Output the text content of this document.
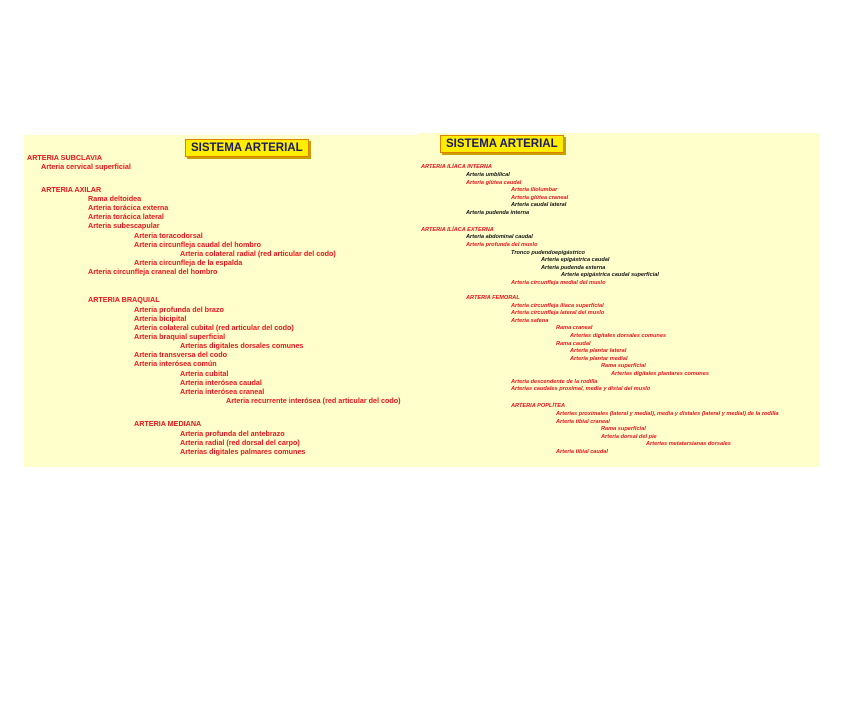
SISTEMA ARTERIAL
ARTERIA SUBCLAVIA
Arteria cervical superficial
ARTERIA AXILAR
Rama deltoidea
Arteria torácica externa
Arteria torácica lateral
Arteria subescapular
Arteria toracodorsal
Arteria circunfleja caudal del hombro
Arteria colateral radial (red articular del codo)
Arteria circunfleja de la espalda
Arteria circunfleja craneal del hombro
ARTERIA BRAQUIAL
Arteria profunda del brazo
Arteria bicipital
Arteria colateral cubital (red articular del codo)
Arteria braquial superficial
Arterias digitales dorsales comunes
Arteria transversa del codo
Arteria interósea común
Arteria cubital
Arteria interósea caudal
Arteria interósea craneal
Arteria recurrente interósea (red articular del codo)
ARTERIA MEDIANA
Arteria profunda del antebrazo
Arteria radial (red dorsal del carpo)
Arterias digitales palmares comunes
SISTEMA ARTERIAL
ARTERIA ILÍACA INTERNA
Arteria umbilical
Arteria glútea caudal
Arteria iliolumbar
Arteria glútea craneal
Arteria caudal lateral
Arteria pudenda interna
ARTERIA ILÍACA EXTERNA
Arteria abdominal caudal
Arteria profunda del muslo
Tronco pudendoepigástrico
Arteria epigástrica caudal
Arteria pudenda externa
Arteria epigástrica caudal superficial
Arteria circunfleja medial del muslo
ARTERIA FEMORAL
Arteria circunfleja ilíaca superficial
Arteria circunfleja lateral del muslo
Arteria safena
Rama craneal
Arterias digitales dorsales comunes
Rama caudal
Arteria plantar lateral
Arteria plantar medial
Rama superficial
Arterias digitales plantares comunes
Arteria descendente de la rodilla
Arterias caudales proximal, media y distal del muslo
ARTERIA POPLÍTEA
Arterias proximales (lateral y medial), media y distales (lateral y medial) de la rodilla
Arteria tibial craneal
Rama superficial
Arteria dorsal del pie
Arterias metatarsianas dorsales
Arteria tibial caudal
